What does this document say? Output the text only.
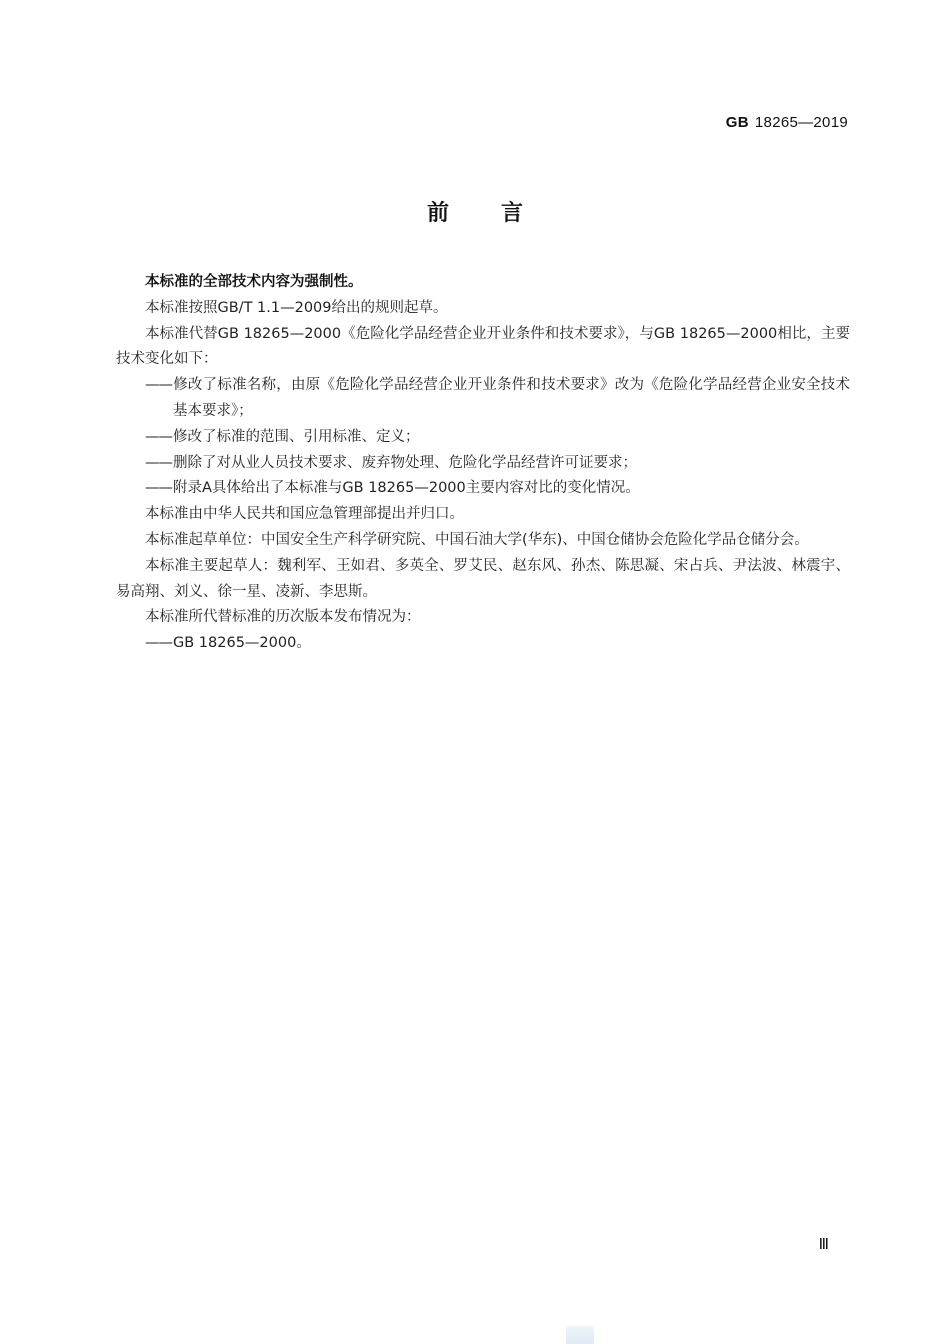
GB 18265—2019
前言

本标准的全部技术内容为强制性。

本标准按照GB/T 1.1—2009给出的规则起草。

本标准代替GB 18265—2000《危险化学品经营企业开业条件和技术要求》，与GB 18265—2000相比，主要技术变化如下：

——修改了标准名称，由原《危险化学品经营企业开业条件和技术要求》改为《危险化学品经营企业安全技术基本要求》；

——修改了标准的范围、引用标准、定义；

——删除了对从业人员技术要求、废弃物处理、危险化学品经营许可证要求；

——附录A具体给出了本标准与GB 18265—2000主要内容对比的变化情况。

本标准由中华人民共和国应急管理部提出并归口。

本标准起草单位：中国安全生产科学研究院、中国石油大学(华东)、中国仓储协会危险化学品仓储分会。

本标准主要起草人：魏利军、王如君、多英全、罗艾民、赵东风、孙杰、陈思凝、宋占兵、尹法波、林震宇、易高翔、刘义、徐一星、凌新、李思斯。

本标准所代替标准的历次版本发布情况为：

——GB 18265—2000。

Ⅲ
